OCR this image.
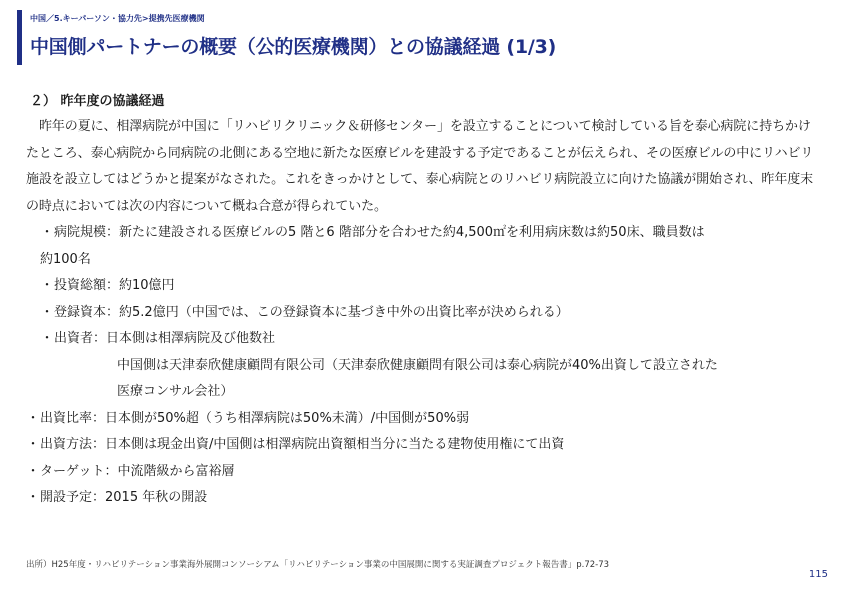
中国／5.キーパーソン・協力先>提携先医療機関
中国側パートナーの概要（公的医療機関）との協議経過 (1/3)
２） 昨年度の協議経過

昨年の夏に、相澤病院が中国に「リハビリクリニック＆研修センター」を設立することについて検討している旨を泰心病院に持ちかけたところ、泰心病院から同病院の北側にある空地に新たな医療ビルを建設する予定であることが伝えられ、その医療ビルの中にリハビリ施設を設立してはどうかと提案がなされた。これをきっかけとして、泰心病院とのリハビリ病院設立に向けた協議が開始され、昨年度末の時点においては次の内容について概ね合意が得られていた。

・ 病院規模 ： 新たに建設される医療ビルの5 階と6 階部分を合わせた約4,500㎡を利用病床数は約50床、職員数は
約100名
・ 投資総額 ： 約10億円
・ 登録資本 ： 約5.2億円（中国では、この登録資本に基づき中外の出資比率が決められる）
・ 出資者 ： 日本側は相澤病院及び他数社
中国側は天津泰欣健康顧問有限公司（天津泰欣健康顧問有限公司は泰心病院が40%出資して設立された
医療コンサル会社）
・ 出資比率 ： 日本側が50%超（うち相澤病院は50%未満）/中国側が50%弱
・ 出資方法 ： 日本側は現金出資/中国側は相澤病院出資額相当分に当たる建物使用権にて出資
・ ターゲット ： 中流階級から富裕層
・ 開設予定 ： 2015 年秋の開設
出所）H25年度・リハビリテーション事業海外展開コンソーシアム「リハビリテーション事業の中国展開に関する実証調査プロジェクト報告書」p.72-73
115
